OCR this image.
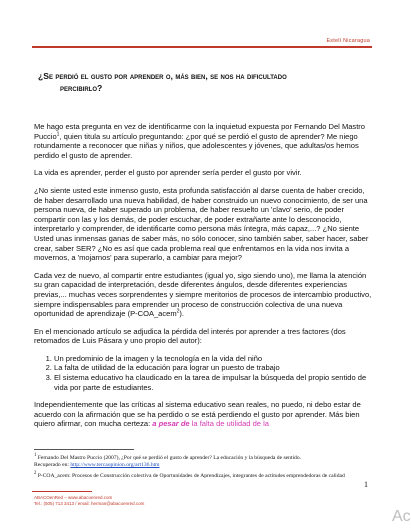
Estelí Nicaragua
¿Se perdió el gusto por aprender o, más bien, se nos ha dificultado
percibirlo?

Me hago esta pregunta en vez de identificarme con la inquietud expuesta por Fernando Del Mastro Puccio$^1$, quien titula su artículo preguntando: ¿por qué se perdió el gusto de aprender? Me niego rotundamente a reconocer que niñas y niños, que adolescentes y jóvenes, que adultas/os hemos perdido el gusto de aprender.

La vida es aprender, perder el gusto por aprender sería perder el gusto por vivir.

¿No siente usted este inmenso gusto, esta profunda satisfacción al darse cuenta de haber crecido, de haber desarrollado una nueva habilidad, de haber construido un nuevo conocimiento, de ser una persona nueva, de haber superado un problema, de haber resuelto un 'clavo' serio, de poder compartir con las y los demás, de poder escuchar, de poder extrañarte ante lo desconocido, interpretarlo y comprender, de identificarte como persona más íntegra, más capaz,...? ¿No siente Usted unas inmensas ganas de saber más, no sólo conocer, sino también saber, saber hacer, saber crear, saber SER? ¿No es así que cada problema real que enfrentamos en la vida nos invita a movernos, a 'mojarnos' para superarlo, a cambiar para mejor?

Cada vez de nuevo, al compartir entre estudiantes (igual yo, sigo siendo uno), me llama la atención su gran capacidad de interpretación, desde diferentes ángulos, desde diferentes experiencias previas,... muchas veces sorprendentes y siempre meritorios de procesos de intercambio productivo, siempre indispensables para emprender un proceso de construcción colectiva de una nueva oportunidad de aprendizaje (P-COA_acem$^2$).

En el mencionado artículo se adjudica la pérdida del interés por aprender a tres factores (dos retomados de Luis Pásara y uno propio del autor):

1. Un predominio de la imagen y la tecnología en la vida del niño
2. La falta de utilidad de la educación para lograr un puesto de trabajo
3. El sistema educativo ha claudicado en la tarea de impulsar la búsqueda del propio sentido de vida por parte de estudiantes.

Independientemente que las críticas al sistema educativo sean reales, no puedo, ni debo estar de acuerdo con la afirmación que se ha perdido o se está perdiendo el gusto por aprender. Más bien quiero afirmar, con mucha certeza: a pesar de la falta de utilidad de la

$^1$ Fernando Del Mastro Puccio (2007), ¿Por qué se perdió el gusto de aprender? La educación y la búsqueda de sentido.
Recuperado en: http://www.tercaopinion.org/art136.htm
$^2$ P-COA_acem: Procesos de Construcción colectiva de Oportunidades de Aprendizajes, integrantes de actitudes emprendedoras de calidad
1
ABACOenRed – www.abacoenred.com
Tel.: (505) 713 3413 / email: herman@abacoenred.com
Ac
